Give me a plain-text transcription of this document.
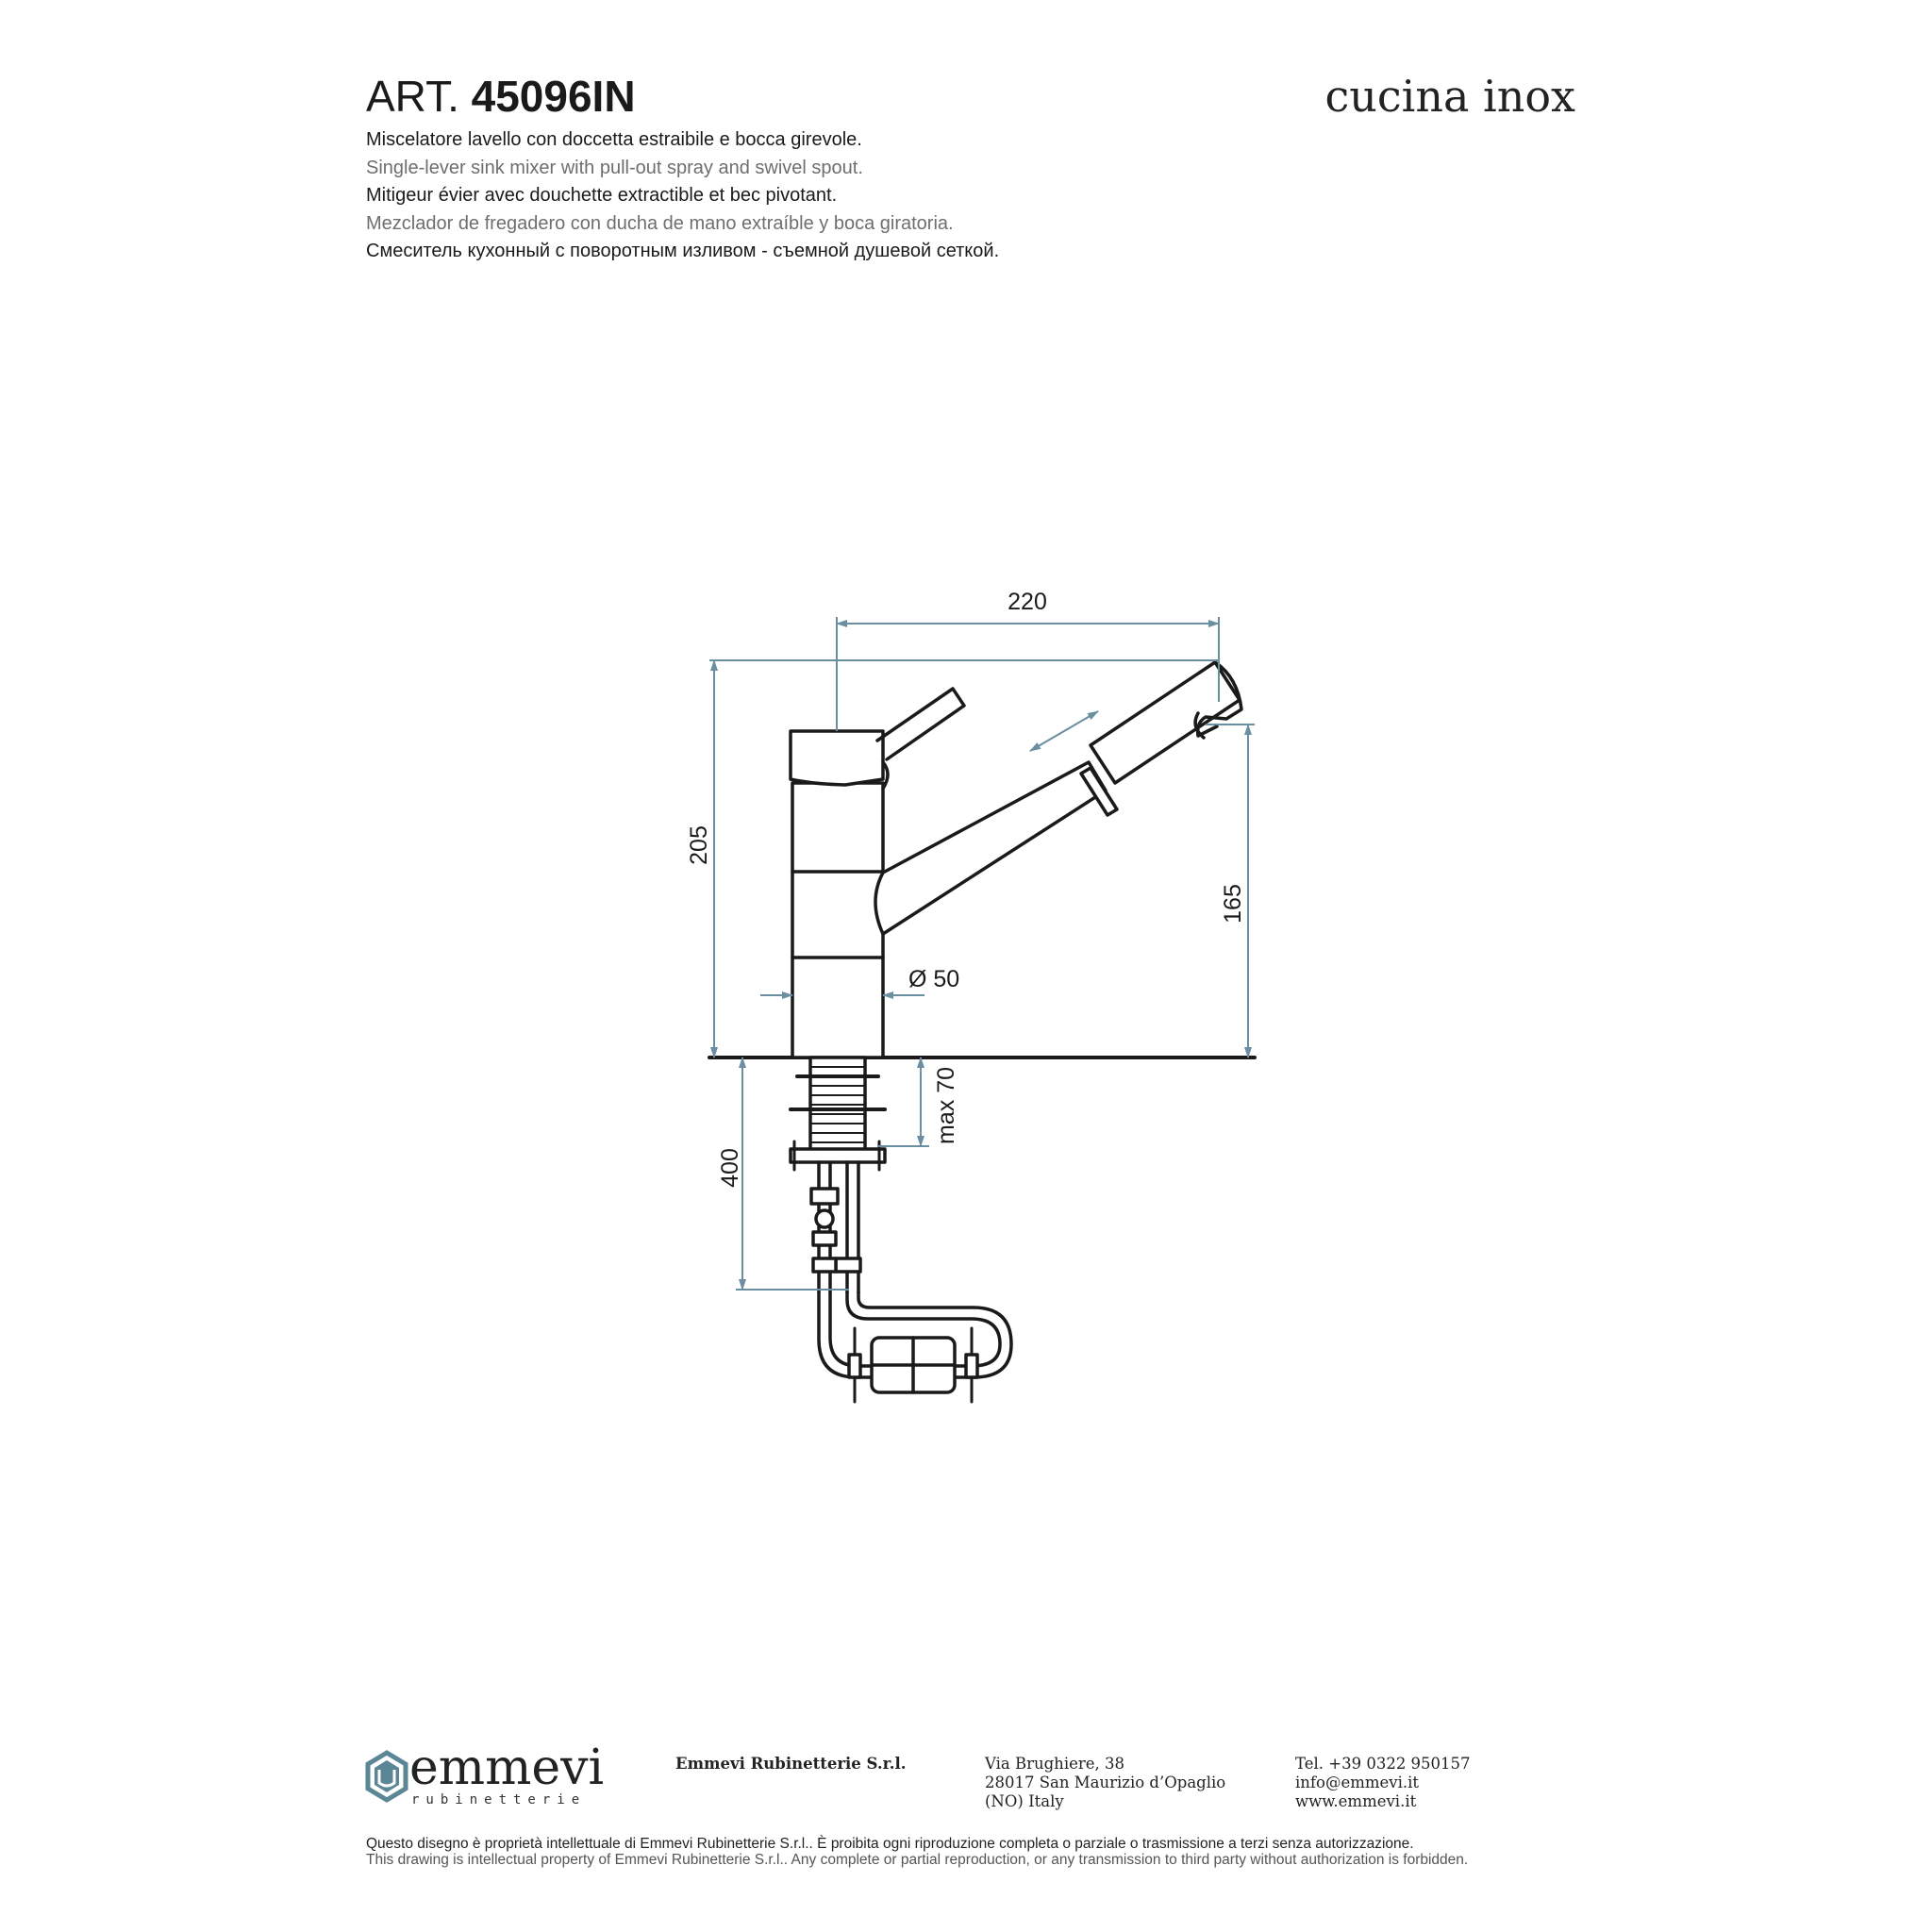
ART. 45096IN	cucina inox
Miscelatore lavello con doccetta estraibile e bocca girevole.
Single-lever sink mixer with pull-out spray and swivel spout.
Mitigeur évier avec douchette extractible et bec pivotant.
Mezclador de fregadero con ducha de mano extraíble y boca giratoria.
Смеситель кухонный с поворотным изливом - съемной душевой сеткой.
220
205
165
Ø 50
max 70
400
emmevi
rubinetterie
Emmevi Rubinetterie S.r.l.	Via Brughiere, 38
28017 San Maurizio d’Opaglio
(NO) Italy
Tel. +39 0322 950157
info@emmevi.it
www.emmevi.it
Questo disegno è proprietà intellettuale di Emmevi Rubinetterie S.r.l.. È proibita ogni riproduzione completa o parziale o trasmissione a terzi senza autorizzazione.
This drawing is intellectual property of Emmevi Rubinetterie S.r.l.. Any complete or partial reproduction, or any transmission to third party without authorization is forbidden.
